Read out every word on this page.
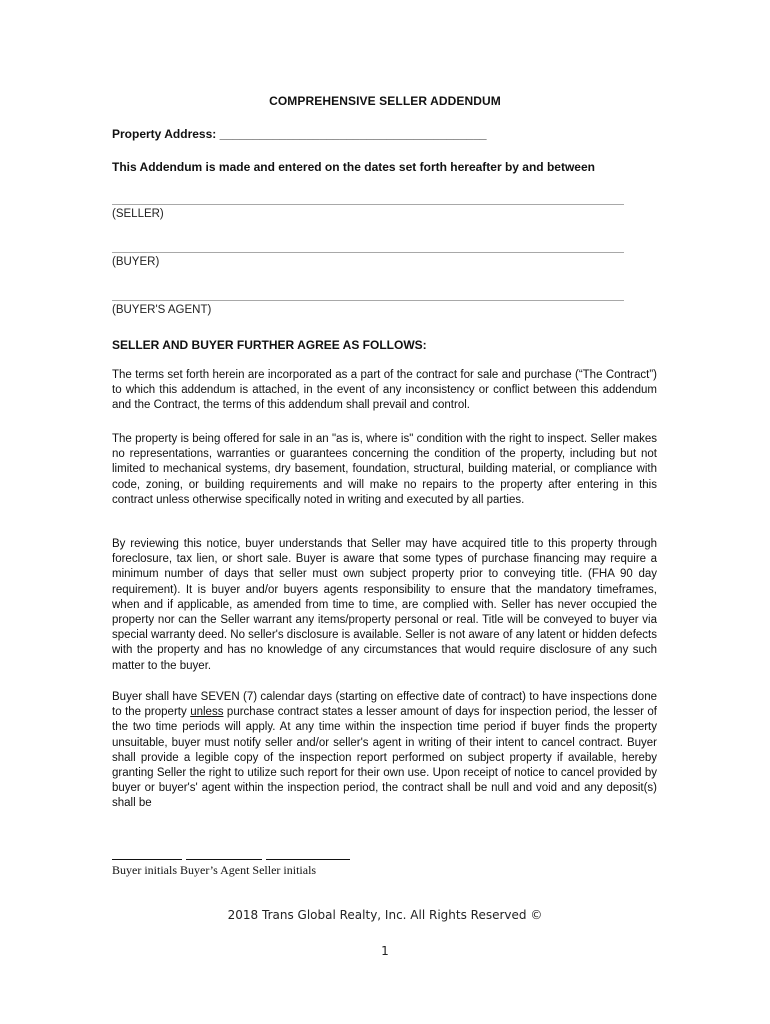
COMPREHENSIVE SELLER ADDENDUM
Property Address: ________________________________________
This Addendum is made and entered on the dates set forth hereafter by and between
(SELLER)
(BUYER)
(BUYER'S AGENT)
SELLER AND BUYER FURTHER AGREE AS FOLLOWS:

The terms set forth herein are incorporated as a part of the contract for sale and purchase (“The Contract”) to which this addendum is attached, in the event of any inconsistency or conflict between this addendum and the Contract, the terms of this addendum shall prevail and control.

The property is being offered for sale in an "as is, where is" condition with the right to inspect. Seller makes no representations, warranties or guarantees concerning the condition of the property, including but not limited to mechanical systems, dry basement, foundation, structural, building material, or compliance with code, zoning, or building requirements and will make no repairs to the property after entering in this contract unless otherwise specifically noted in writing and executed by all parties.

By reviewing this notice, buyer understands that Seller may have acquired title to this property through foreclosure, tax lien, or short sale. Buyer is aware that some types of purchase financing may require a minimum number of days that seller must own subject property prior to conveying title. (FHA 90 day requirement). It is buyer and/or buyers agents responsibility to ensure that the mandatory timeframes, when and if applicable, as amended from time to time, are complied with. Seller has never occupied the property nor can the Seller warrant any items/property personal or real. Title will be conveyed to buyer via special warranty deed. No seller's disclosure is available. Seller is not aware of any latent or hidden defects with the property and has no knowledge of any circumstances that would require disclosure of any such matter to the buyer.

Buyer shall have SEVEN (7) calendar days (starting on effective date of contract) to have inspections done to the property unless purchase contract states a lesser amount of days for inspection period, the lesser of the two time periods will apply. At any time within the inspection time period if buyer finds the property unsuitable, buyer must notify seller and/or seller's agent in writing of their intent to cancel contract. Buyer shall provide a legible copy of the inspection report performed on subject property if available, hereby granting Seller the right to utilize such report for their own use. Upon receipt of notice to cancel provided by buyer or buyer's' agent within the inspection period, the contract shall be null and void and any deposit(s) shall be

Buyer initials Buyer’s Agent Seller initials
2018 Trans Global Realty, Inc. All Rights Reserved ©
1
